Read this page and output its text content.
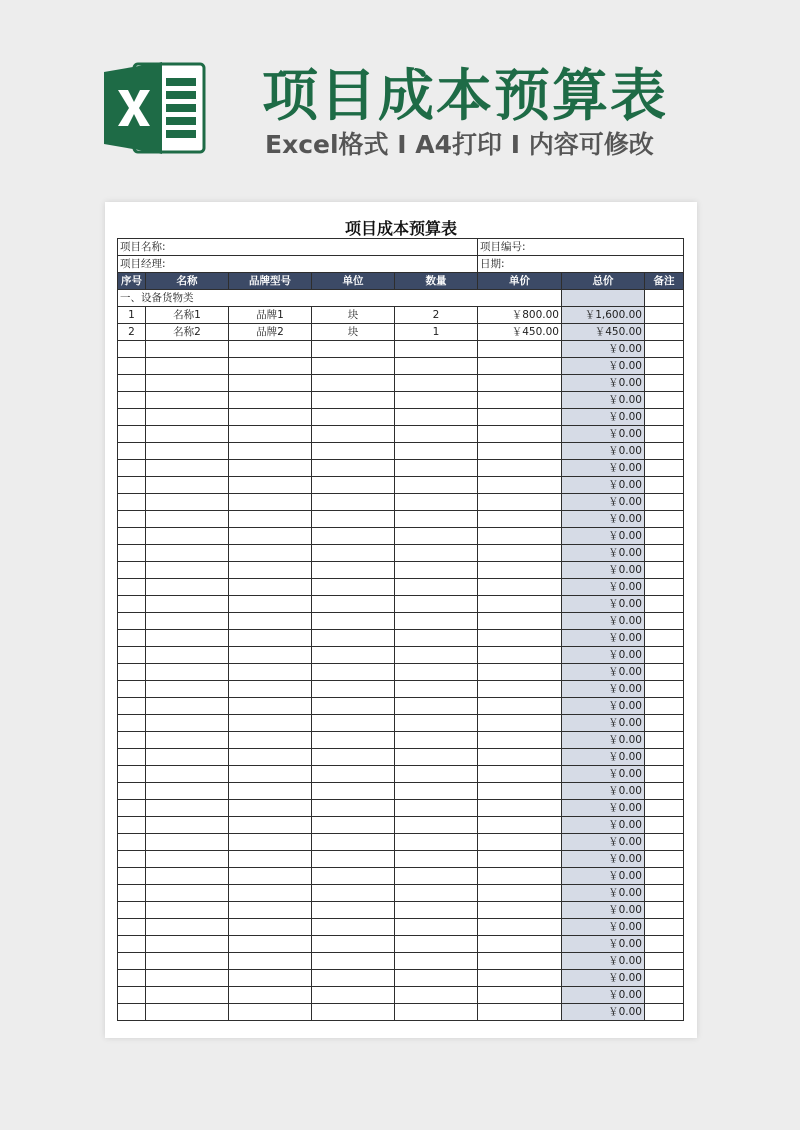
项目成本预算表
Excel格式 Ⅰ A4打印 Ⅰ 内容可修改
项目成本预算表
项目名称:					项目编号:		
项目经理:					日期:		
序号	名称	品牌型号	单位	数量	单价	总价	备注
一、设备货物类							
1	名称1	品牌1	块	2	￥800.00	￥1,600.00	
2	名称2	品牌2	块	1	￥450.00	￥450.00	
						￥0.00	
						￥0.00	
						￥0.00	
						￥0.00	
						￥0.00	
						￥0.00	
						￥0.00	
						￥0.00	
						￥0.00	
						￥0.00	
						￥0.00	
						￥0.00	
						￥0.00	
						￥0.00	
						￥0.00	
						￥0.00	
						￥0.00	
						￥0.00	
						￥0.00	
						￥0.00	
						￥0.00	
						￥0.00	
						￥0.00	
						￥0.00	
						￥0.00	
						￥0.00	
						￥0.00	
						￥0.00	
						￥0.00	
						￥0.00	
						￥0.00	
						￥0.00	
						￥0.00	
						￥0.00	
						￥0.00	
						￥0.00	
						￥0.00	
						￥0.00	
						￥0.00	
						￥0.00	
